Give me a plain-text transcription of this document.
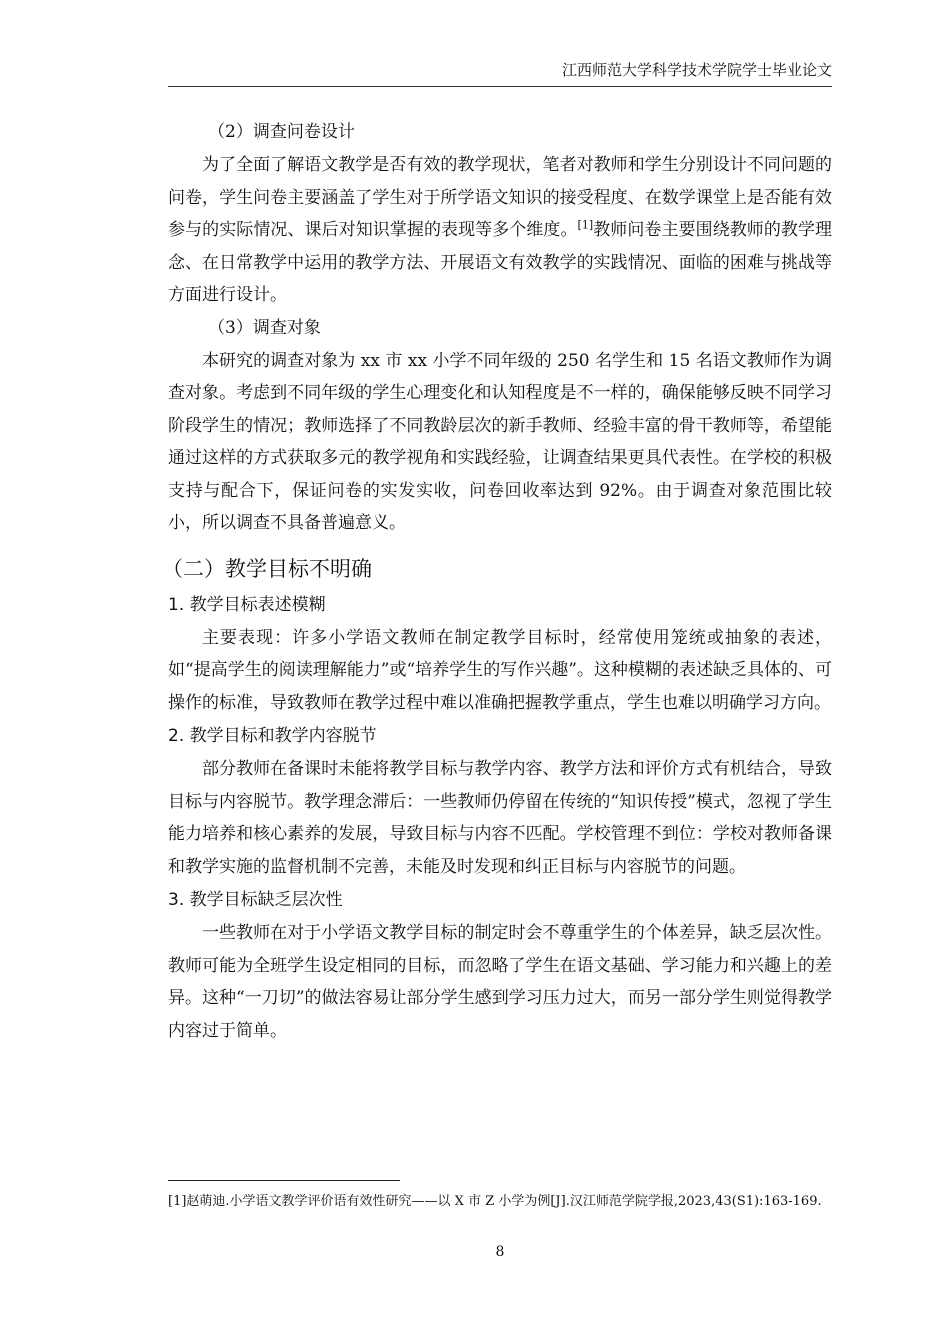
江西师范大学科学技术学院学士毕业论文
（2）调查问卷设计

为了全面了解语文教学是否有效的教学现状，笔者对教师和学生分别设计不同问题的问卷，学生问卷主要涵盖了学生对于所学语文知识的接受程度、在数学课堂上是否能有效参与的实际情况、课后对知识掌握的表现等多个维度。[1]教师问卷主要围绕教师的教学理念、在日常教学中运用的教学方法、开展语文有效教学的实践情况、面临的困难与挑战等方面进行设计。

（3）调查对象

本研究的调查对象为 xx 市 xx 小学不同年级的 250 名学生和 15 名语文教师作为调查对象。考虑到不同年级的学生心理变化和认知程度是不一样的，确保能够反映不同学习阶段学生的情况；教师选择了不同教龄层次的新手教师、经验丰富的骨干教师等，希望能通过这样的方式获取多元的教学视角和实践经验，让调查结果更具代表性。在学校的积极支持与配合下，保证问卷的实发实收，问卷回收率达到 92%。由于调查对象范围比较小，所以调查不具备普遍意义。

（二）教学目标不明确
1. 教学目标表述模糊

主要表现：许多小学语文教师在制定教学目标时，经常使用笼统或抽象的表述，如“提高学生的阅读理解能力”或“培养学生的写作兴趣”。这种模糊的表述缺乏具体的、可操作的标准，导致教师在教学过程中难以准确把握教学重点，学生也难以明确学习方向。

2. 教学目标和教学内容脱节

部分教师在备课时未能将教学目标与教学内容、教学方法和评价方式有机结合，导致目标与内容脱节。教学理念滞后：一些教师仍停留在传统的“知识传授”模式，忽视了学生能力培养和核心素养的发展，导致目标与内容不匹配。学校管理不到位：学校对教师备课和教学实施的监督机制不完善，未能及时发现和纠正目标与内容脱节的问题。

3. 教学目标缺乏层次性

一些教师在对于小学语文教学目标的制定时会不尊重学生的个体差异，缺乏层次性。教师可能为全班学生设定相同的目标，而忽略了学生在语文基础、学习能力和兴趣上的差异。这种“一刀切”的做法容易让部分学生感到学习压力过大，而另一部分学生则觉得教学内容过于简单。

[1]赵萌迪.小学语文教学评价语有效性研究——以 X 市 Z 小学为例[J].汉江师范学院学报,2023,43(S1):163-169.
8
